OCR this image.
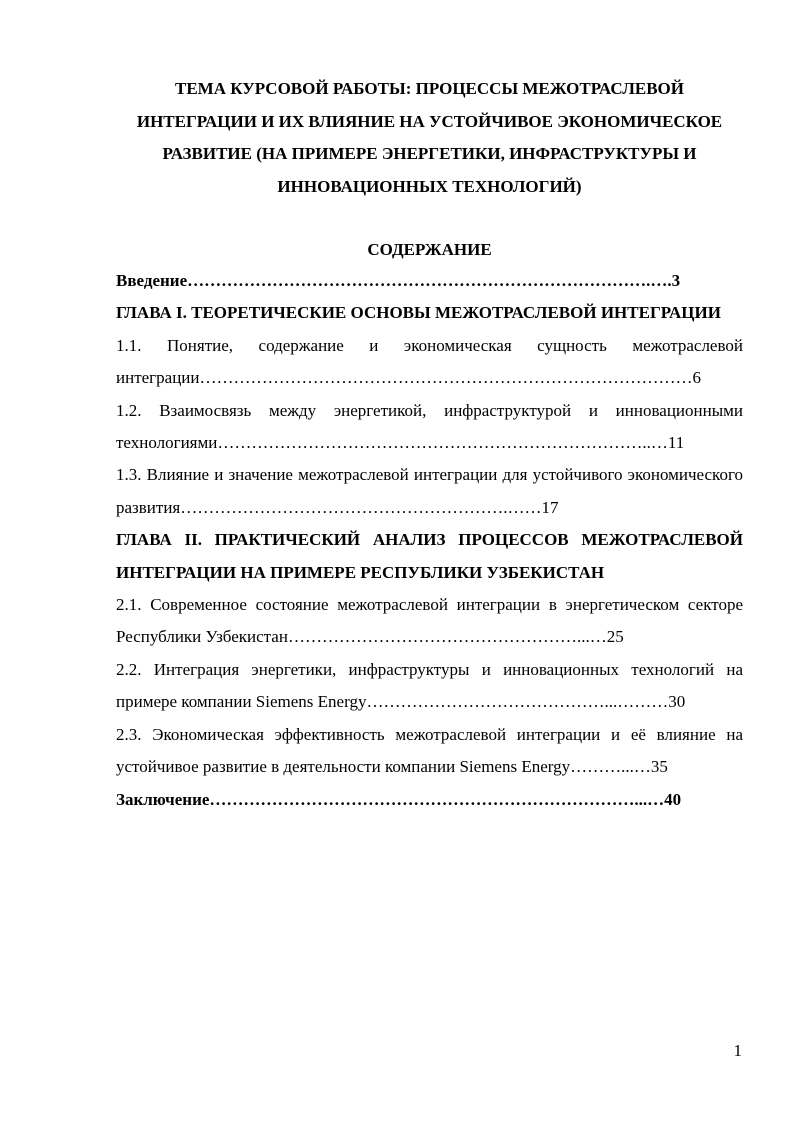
ТЕМА КУРСОВОЙ РАБОТЫ: ПРОЦЕССЫ МЕЖОТРАСЛЕВОЙ ИНТЕГРАЦИИ И ИХ ВЛИЯНИЕ НА УСТОЙЧИВОЕ ЭКОНОМИЧЕСКОЕ РАЗВИТИЕ (НА ПРИМЕРЕ ЭНЕРГЕТИКИ, ИНФРАСТРУКТУРЫ И ИННОВАЦИОННЫХ ТЕХНОЛОГИЙ)
СОДЕРЖАНИЕ

Введение……………………………………………………………………….….3

ГЛАВА I. ТЕОРЕТИЧЕСКИЕ ОСНОВЫ МЕЖОТРАСЛЕВОЙ ИНТЕГРАЦИИ

1.1. Понятие, содержание и экономическая сущность межотраслевой интеграции……………………………………………………………………………6

1.2. Взаимосвязь между энергетикой, инфраструктурой и инновационными технологиями…………………………………………………………………..…11

1.3. Влияние и значение межотраслевой интеграции для устойчивого экономического развития………………………………………………….……17

ГЛАВА II. ПРАКТИЧЕСКИЙ АНАЛИЗ ПРОЦЕССОВ МЕЖОТРАСЛЕВОЙ ИНТЕГРАЦИИ НА ПРИМЕРЕ РЕСПУБЛИКИ УЗБЕКИСТАН

2.1. Современное состояние межотраслевой интеграции в энергетическом секторе Республики Узбекистан……………………………………………...…25

2.2. Интеграция энергетики, инфраструктуры и инновационных технологий на примере компании Siemens Energy……………………………………...………30

2.3. Экономическая эффективность межотраслевой интеграции и её влияние на устойчивое развитие в деятельности компании Siemens Energy………...…35

Заключение…………………………………………………………………...…40

1
